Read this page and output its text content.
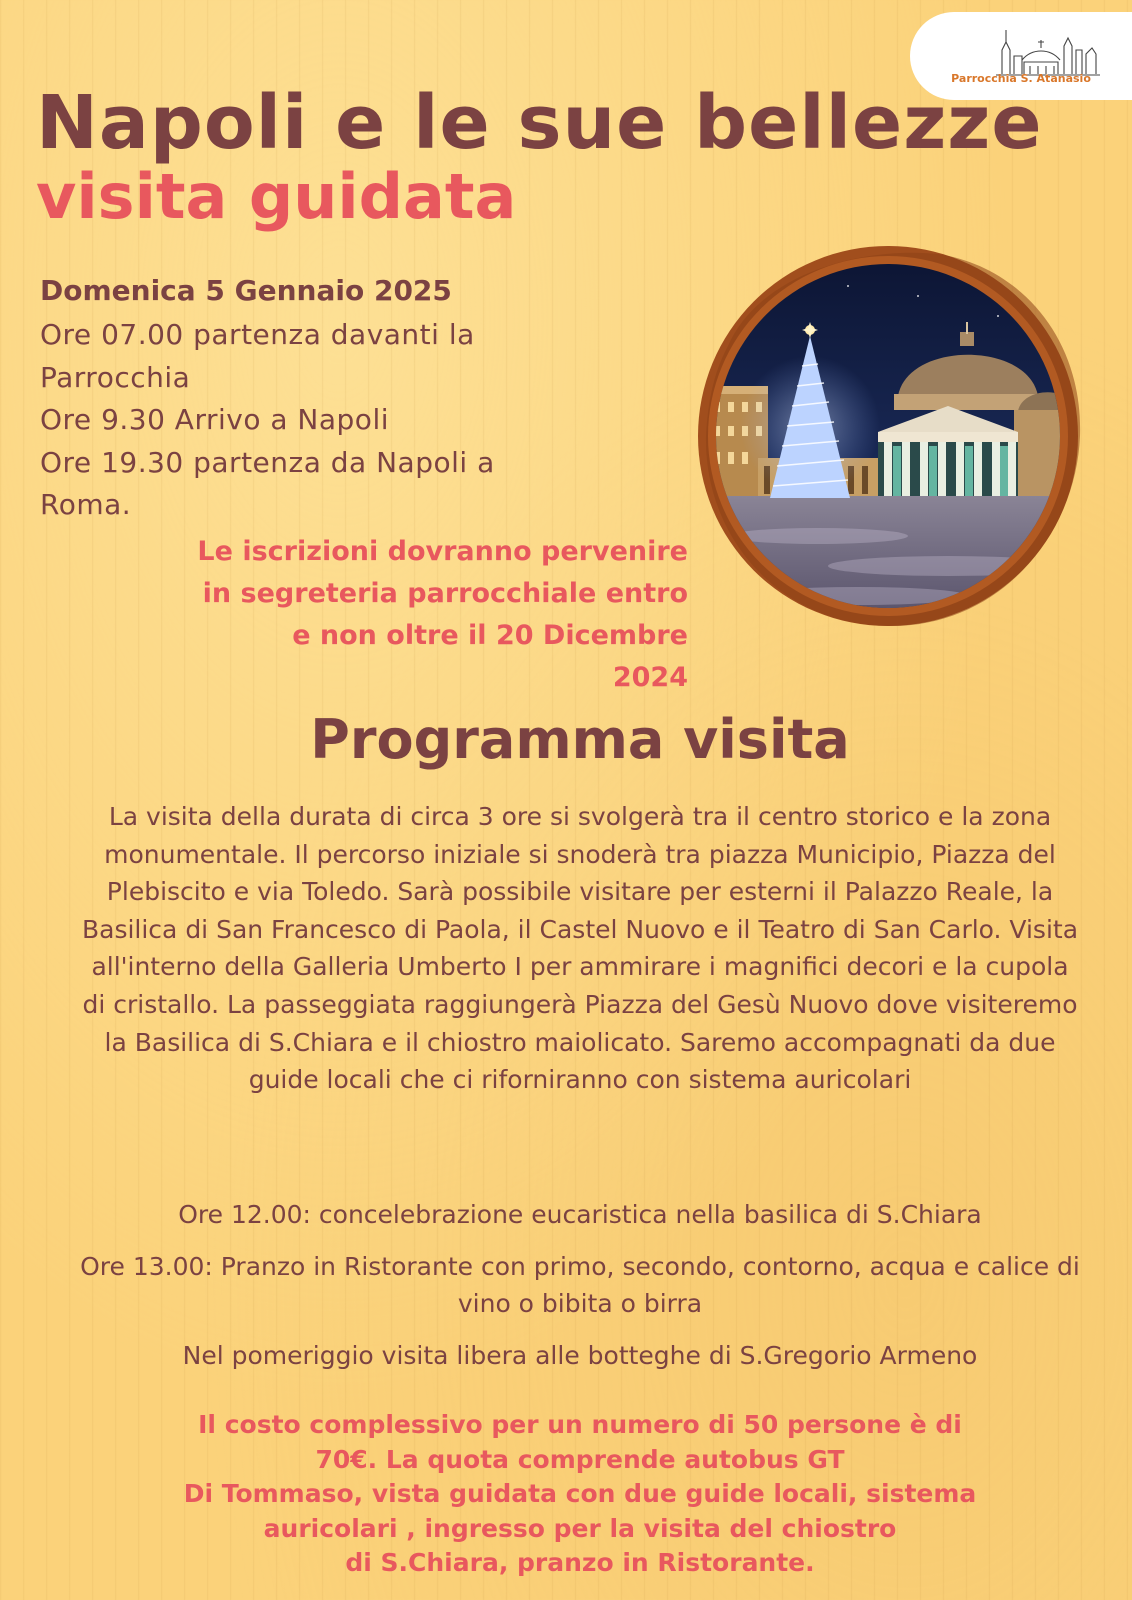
Parrocchia S. Atanasio
Napoli e le sue bellezze
visita guidata

Domenica 5 Gennaio 2025

Ore 07.00 partenza davanti la
Parrocchia
Ore 9.30 Arrivo a Napoli
Ore 19.30 partenza da Napoli a
Roma.
Le iscrizioni dovranno pervenire
in segreteria parrocchiale entro
e non oltre il 20 Dicembre
2024
Programma visita
La visita della durata di circa 3 ore si svolgerà tra il centro storico e la zona monumentale. Il percorso iniziale si snoderà tra piazza Municipio, Piazza del Plebiscito e via Toledo. Sarà possibile visitare per esterni il Palazzo Reale, la Basilica di San Francesco di Paola, il Castel Nuovo e il Teatro di San Carlo. Visita all'interno della Galleria Umberto I per ammirare i magnifici decori e la cupola di cristallo. La passeggiata raggiungerà Piazza del Gesù Nuovo dove visiteremo la Basilica di S.Chiara e il chiostro maiolicato. Saremo accompagnati da due guide locali che ci riforniranno con sistema auricolari

Ore 12.00: concelebrazione eucaristica nella basilica di S.Chiara

Ore 13.00: Pranzo in Ristorante con primo, secondo, contorno, acqua e calice di vino o bibita o birra

Nel pomeriggio visita libera alle botteghe di S.Gregorio Armeno

Il costo complessivo per un numero di 50 persone è di
70€. La quota comprende autobus GT
Di Tommaso, vista guidata con due guide locali, sistema
auricolari , ingresso per la visita del chiostro
di S.Chiara, pranzo in Ristorante.
